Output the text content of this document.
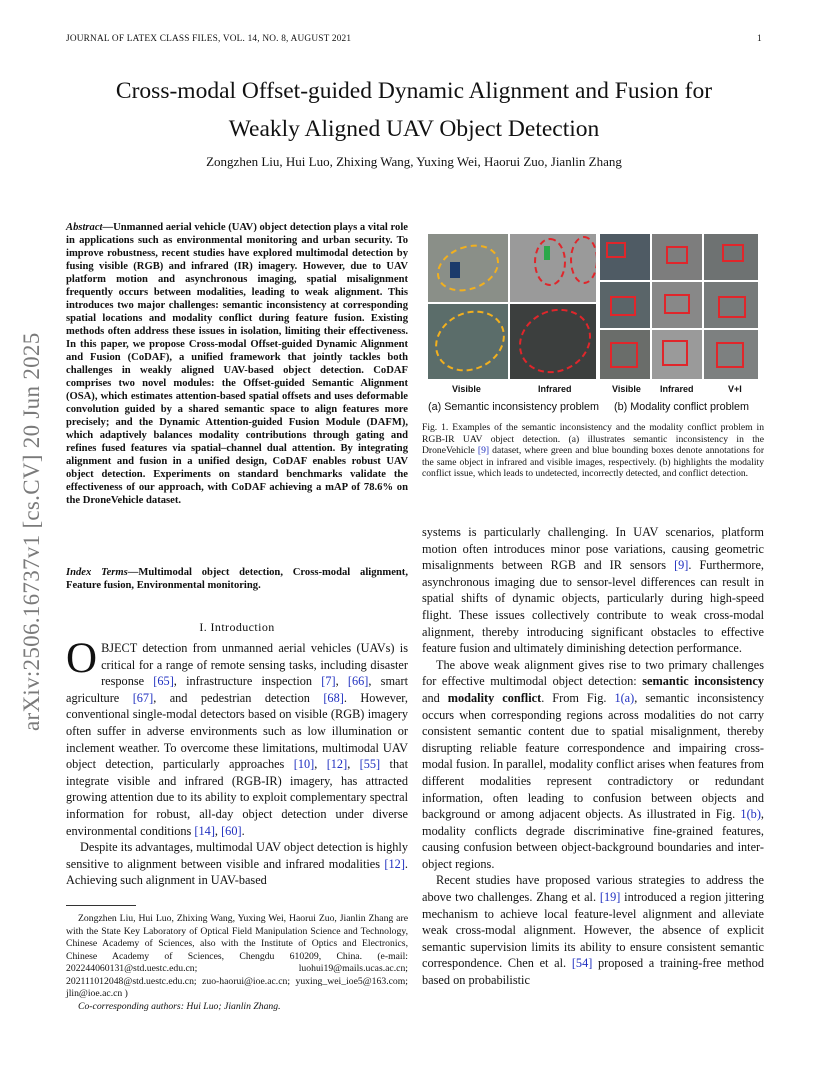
JOURNAL OF LATEX CLASS FILES, VOL. 14, NO. 8, AUGUST 2021	1
Cross-modal Offset-guided Dynamic Alignment and Fusion for
Weakly Aligned UAV Object Detection
Zongzhen Liu, Hui Luo, Zhixing Wang, Yuxing Wei, Haorui Zuo, Jianlin Zhang
arXiv:2506.16737v1 [cs.CV] 20 Jun 2025
Abstract—Unmanned aerial vehicle (UAV) object detection plays a vital role in applications such as environmental monitoring and urban security. To improve robustness, recent studies have explored multimodal detection by fusing visible (RGB) and infrared (IR) imagery. However, due to UAV platform motion and asynchronous imaging, spatial misalignment frequently occurs between modalities, leading to weak alignment. This introduces two major challenges: semantic inconsistency at corresponding spatial locations and modality conflict during feature fusion. Existing methods often address these issues in isolation, limiting their effectiveness. In this paper, we propose Cross-modal Offset-guided Dynamic Alignment and Fusion (CoDAF), a unified framework that jointly tackles both challenges in weakly aligned UAV-based object detection. CoDAF comprises two novel modules: the Offset-guided Semantic Alignment (OSA), which estimates attention-based spatial offsets and uses deformable convolution guided by a shared semantic space to align features more precisely; and the Dynamic Attention-guided Fusion Module (DAFM), which adaptively balances modality contributions through gating and refines fused features via spatial–channel dual attention. By integrating alignment and fusion in a unified design, CoDAF enables robust UAV object detection. Experiments on standard benchmarks validate the effectiveness of our approach, with CoDAF achieving a mAP of 78.6% on the DroneVehicle dataset.
Index Terms—Multimodal object detection, Cross-modal alignment, Feature fusion, Environmental monitoring.
I. Introduction

OBJECT detection from unmanned aerial vehicles (UAVs) is critical for a range of remote sensing tasks, including disaster response [65], infrastructure inspection [7], [66], smart agriculture [67], and pedestrian detection [68]. However, conventional single-modal detectors based on visible (RGB) imagery often suffer in adverse environments such as low illumination or inclement weather. To overcome these limitations, multimodal UAV object detection, particularly approaches [10], [12], [55] that integrate visible and infrared (RGB-IR) imagery, has attracted growing attention due to its ability to exploit complementary spectral information for robust, all-day object detection under diverse environmental conditions [14], [60].

Despite its advantages, multimodal UAV object detection is highly sensitive to alignment between visible and infrared modalities [12]. Achieving such alignment in UAV-based

Zongzhen Liu, Hui Luo, Zhixing Wang, Yuxing Wei, Haorui Zuo, Jianlin Zhang are with the State Key Laboratory of Optical Field Manipulation Science and Technology, Chinese Academy of Sciences, also with the Institute of Optics and Electronics, Chinese Academy of Sciences, Chengdu 610209, China. (e-mail: 202244060131@std.uestc.edu.cn; luohui19@mails.ucas.ac.cn; 202111012048@std.uestc.edu.cn; zuo-haorui@ioe.ac.cn; yuxing_wei_ioe5@163.com; jlin@ioe.ac.cn )
Co-corresponding authors: Hui Luo; Jianlin Zhang.
Visible	Infrared	Visible Infrared	V+I
(a) Semantic inconsistency problem (b) Modality conflict problem
Fig. 1. Examples of the semantic inconsistency and the modality conflict problem in RGB-IR UAV object detection. (a) illustrates semantic inconsistency in the DroneVehicle [9] dataset, where green and blue bounding boxes denote annotations for the same object in infrared and visible images, respectively. (b) highlights the modality conflict issue, which leads to undetected, incorrectly detected, and conflict detection.

systems is particularly challenging. In UAV scenarios, platform motion often introduces minor pose variations, causing geometric misalignments between RGB and IR sensors [9]. Furthermore, asynchronous imaging due to sensor-level differences can result in spatial shifts of dynamic objects, particularly during high-speed flight. These issues collectively contribute to weak cross-modal alignment, thereby introducing significant obstacles to effective feature fusion and ultimately diminishing detection performance.

The above weak alignment gives rise to two primary challenges for effective multimodal object detection: semantic inconsistency and modality conflict. From Fig. 1(a), semantic inconsistency occurs when corresponding regions across modalities do not carry consistent semantic content due to spatial misalignment, thereby disrupting reliable feature correspondence and impairing cross-modal fusion. In parallel, modality conflict arises when features from different modalities represent contradictory or redundant information, often leading to confusion between objects and background or among adjacent objects. As illustrated in Fig. 1(b), modality conflicts degrade discriminative fine-grained features, causing confusion between object-background boundaries and inter-object regions.

Recent studies have proposed various strategies to address the above two challenges. Zhang et al. [19] introduced a region jittering mechanism to achieve local feature-level alignment and alleviate weak cross-modal alignment. However, the absence of explicit semantic supervision limits its ability to ensure consistent semantic correspondence. Chen et al. [54] proposed a training-free method based on probabilistic
